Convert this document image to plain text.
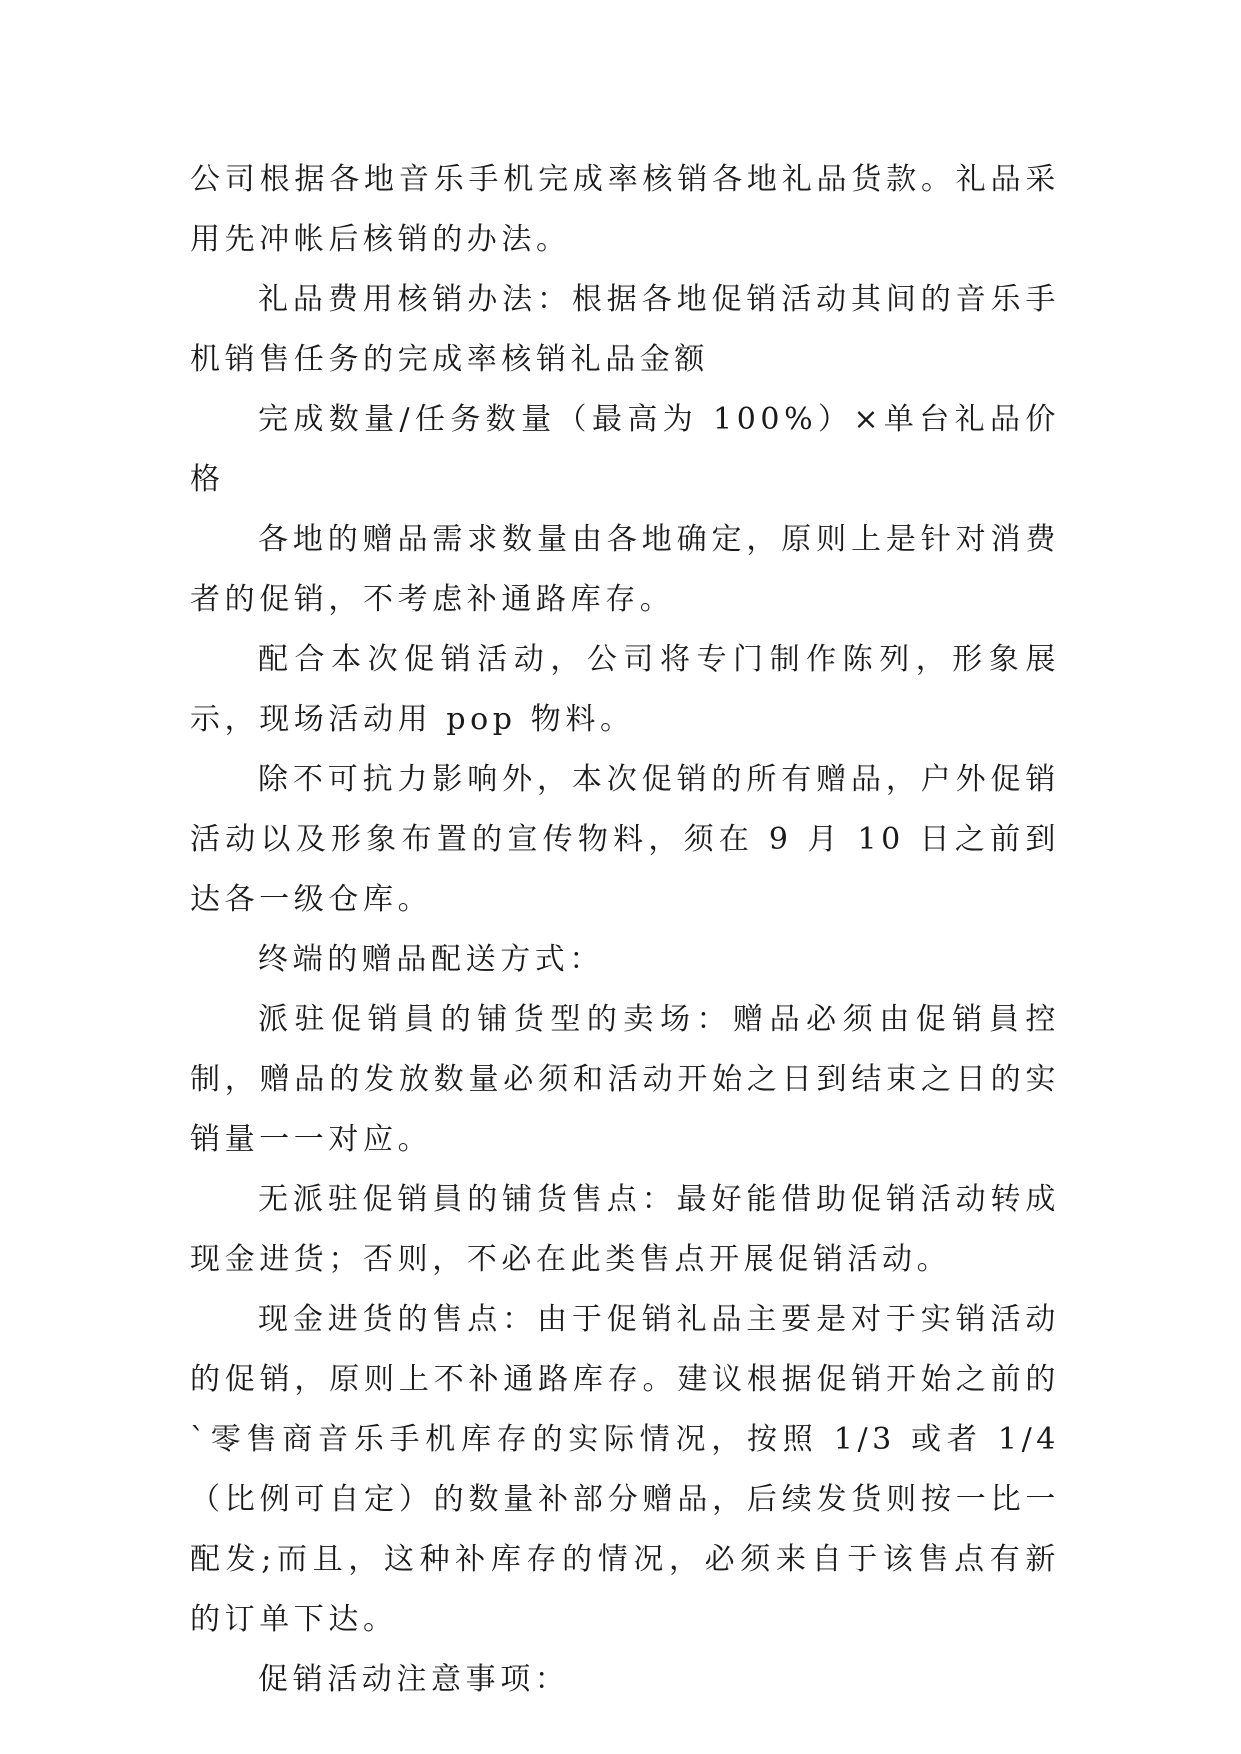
公司根据各地音乐手机完成率核销各地礼品货款。礼品采用先冲帐后核销的办法。

礼品费用核销办法：根据各地促销活动其间的音乐手机销售任务的完成率核销礼品金额

完成数量/任务数量（最高为 100%）×单台礼品价格

各地的赠品需求数量由各地确定，原则上是针对消费者的促销，不考虑补通路库存。

配合本次促销活动，公司将专门制作陈列，形象展示，现场活动用 pop 物料。

除不可抗力影响外，本次促销的所有赠品，户外促销活动以及形象布置的宣传物料，须在 9 月 10 日之前到达各一级仓库。

终端的赠品配送方式：

派驻促销員的铺货型的卖场：赠品必须由促销員控制，赠品的发放数量必须和活动开始之日到结束之日的实销量一一对应。

无派驻促销員的铺货售点：最好能借助促销活动转成现金进货；否则，不必在此类售点开展促销活动。

现金进货的售点：由于促销礼品主要是对于实销活动的促销，原则上不补通路库存。建议根据促销开始之前的`零售商音乐手机库存的实际情况，按照 1/3 或者 1/4（比例可自定）的数量补部分赠品，后续发货则按一比一配发;而且，这种补库存的情况，必须来自于该售点有新的订单下达。

促销活动注意事项：
